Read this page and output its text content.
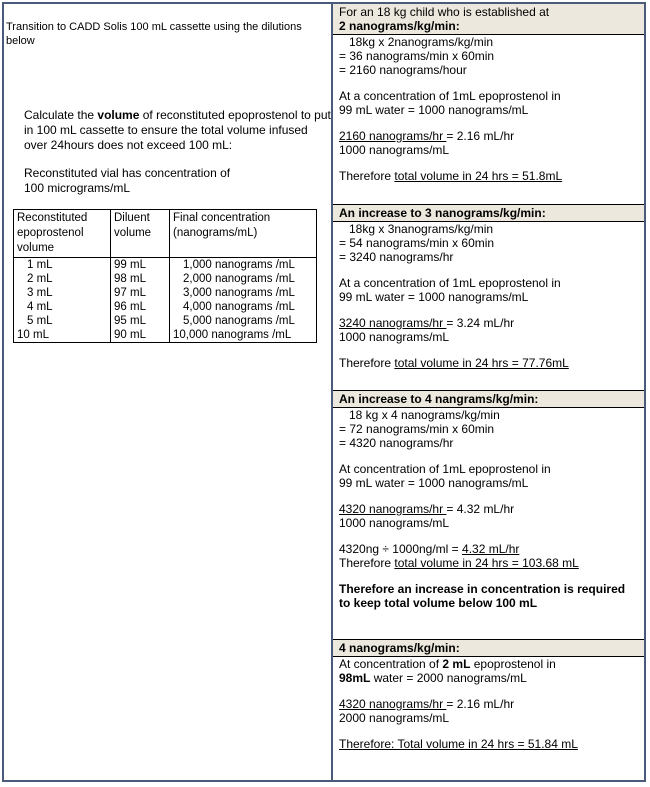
Transition to CADD Solis 100 mL cassette using the dilutions below
Calculate the volume of reconstituted epoprostenol to put in 100 mL cassette to ensure the total volume infused over 24hours does not exceed 100 mL:
Reconstituted vial has concentration of
100 micrograms/mL
Reconstituted epoprostenol volume	Diluent volume	Final concentration (nanograms/mL)

1 mL	99 mL	1,000 nanograms /mL

2 mL	98 mL	2,000 nanograms /mL

3 mL	97 mL	3,000 nanograms /mL

4 mL	96 mL	4,000 nanograms /mL

5 mL	95 mL	5,000 nanograms /mL

10 mL	90 mL	10,000 nanograms /mL
For an 18 kg child who is established at
2 nanograms/kg/min:
18kg x 2nanograms/kg/min
= 36 nanograms/min x 60min
= 2160 nanograms/hour
At a concentration of 1mL epoprostenol in
99 mL water = 1000 nanograms/mL
2160 nanograms/hr = 2.16 mL/hr
1000 nanograms/mL
Therefore total volume in 24 hrs = 51.8mL
An increase to 3 nanograms/kg/min:
18kg x 3nanograms/kg/min
= 54 nanograms/min x 60min
= 3240 nanograms/hr
At a concentration of 1mL epoprostenol in
99 mL water = 1000 nanograms/mL
3240 nanograms/hr = 3.24 mL/hr
1000 nanograms/mL
Therefore total volume in 24 hrs = 77.76mL
An increase to 4 nangrams/kg/min:
18 kg x 4 nanograms/kg/min
= 72 nanograms/min x 60min
= 4320 nanograms/hr
At concentration of 1mL epoprostenol in
99 mL water = 1000 nanograms/mL
4320 nanograms/hr = 4.32 mL/hr
1000 nanograms/mL
4320ng ÷ 1000ng/ml = 4.32 mL/hr
Therefore total volume in 24 hrs = 103.68 mL
Therefore an increase in concentration is required to keep total volume below 100 mL
4 nanograms/kg/min:
At concentration of 2 mL epoprostenol in
98mL water = 2000 nanograms/mL
4320 nanograms/hr = 2.16 mL/hr
2000 nanograms/mL
Therefore: Total volume in 24 hrs = 51.84 mL
